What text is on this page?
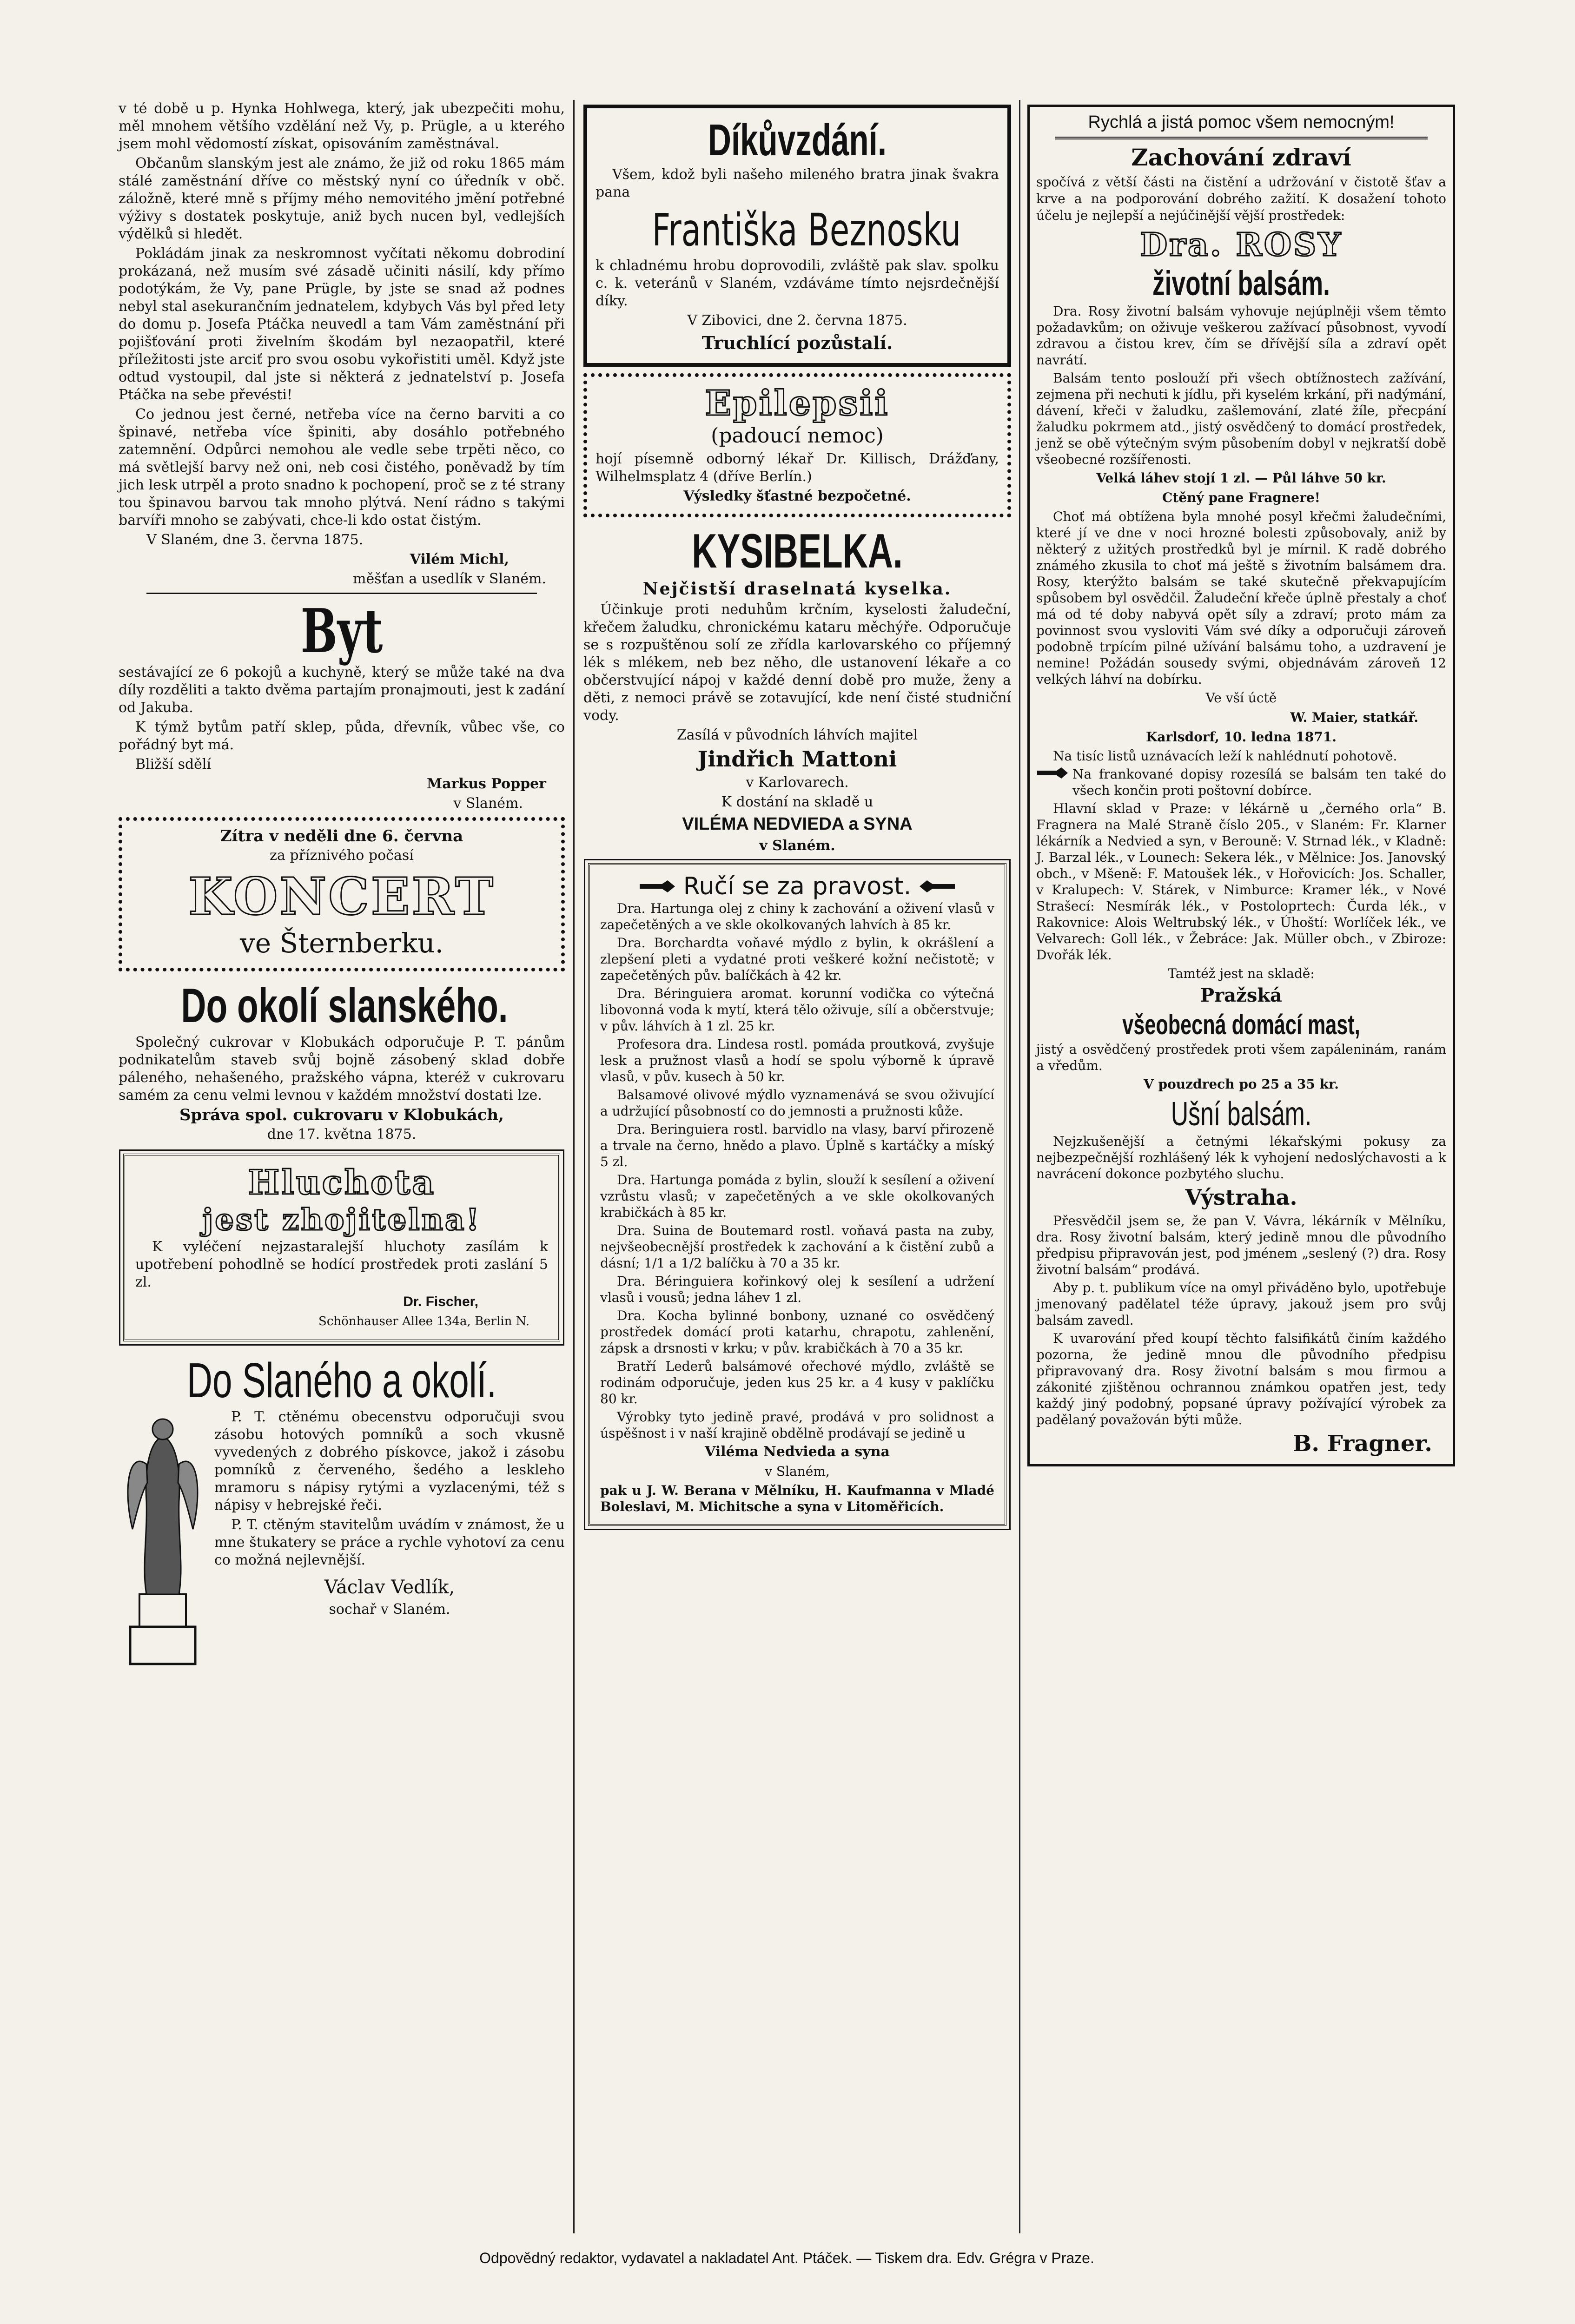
v té době u p. Hynka Hohlwega, který, jak ubezpečiti mohu, měl mnohem většího vzdělání než Vy, p. Prügle, a u kterého jsem mohl vědomostí získat, opisováním zaměstnával.

Občanům slanským jest ale známo, že již od roku 1865 mám stálé zaměstnání dříve co městský nyní co úředník v obč. záložně, které mně s příjmy mého nemovitého jmění potřebné výživy s dostatek poskytuje, aniž bych nucen byl, vedlejších výdělků si hledět.

Pokládám jinak za neskromnost vyčítati někomu dobrodiní prokázaná, než musím své zásadě učiniti násilí, kdy přímo podotýkám, že Vy, pane Prügle, by jste se snad až podnes nebyl stal asekurančním jednatelem, kdybych Vás byl před lety do domu p. Josefa Ptáčka neuvedl a tam Vám zaměstnání při pojišťování proti živelním škodám byl nezaopatřil, které příležitosti jste arciť pro svou osobu vykořistiti uměl. Když jste odtud vystoupil, dal jste si některá z jednatelství p. Josefa Ptáčka na sebe převésti!

Co jednou jest černé, netřeba více na černo barviti a co špinavé, netřeba více špiniti, aby dosáhlo potřebného zatemnění. Odpůrci nemohou ale vedle sebe trpěti něco, co má světlejší barvy než oni, neb cosi čistého, poněvadž by tím jich lesk utrpěl a proto snadno k pochopení, proč se z té strany tou špinavou barvou tak mnoho plýtvá. Není rádno s takými barvíři mnoho se zabývati, chce-li kdo ostat čistým.

V Slaném, dne 3. června 1875.

Vilém Michl,

měšťan a usedlík v Slaném.

Byt

sestávající ze 6 pokojů a kuchyně, který se může také na dva díly rozděliti a takto dvěma partajím pronajmouti, jest k zadání od Jakuba.

K týmž bytům patří sklep, půda, dřevník, vůbec vše, co pořádný byt má.

Bližší sdělí

Markus Popper

v Slaném.

Zítra v neděli dne 6. června

za příznivého počasí

KONCERT

ve Šternberku.

Do okolí slanského.

Společný cukrovar v Klobukách odporučuje P. T. pánům podnikatelům staveb svůj bojně zásobený sklad dobře páleného, nehašeného, pražského vápna, kteréž v cukrovaru samém za cenu velmi levnou v každém množství dostati lze.

Správa spol. cukrovaru v Klobukách,

dne 17. května 1875.

Hluchota
jest zhojitelna!

K vyléčení nejzastaralejší hluchoty zasílám k upotřebení pohodlně se hodící prostředek proti zaslání 5 zl.

Dr. Fischer,

Schönhauser Allee 134a, Berlin N.

Do Slaného a okolí.

P. T. ctěnému obecenstvu odporučuji svou zásobu hotových pomníků a soch vkusně vyvedených z dobrého pískovce, jakož i zásobu pomníků z červeného, šedého a leskleho mramoru s nápisy rytými a vyzlacenými, též s nápisy v hebrejské řeči.

P. T. ctěným stavitelům uvádím v známost, že u mne štukatery se práce a rychle vyhotoví za cenu co možná nejlevnější.

Václav Vedlík,

sochař v Slaném.

Díkůvzdání.

Všem, kdož byli našeho mileného bratra jinak švakra pana

Františka Beznosku

k chladnému hrobu doprovodili, zvláště pak slav. spolku c. k. veteránů v Slaném, vzdáváme tímto nejsrdečnější díky.

V Zibovici, dne 2. června 1875.

Truchlící pozůstalí.

Epilepsii

(padoucí nemoc)

hojí písemně odborný lékař Dr. Killisch, Drážďany, Wilhelmsplatz 4 (dříve Berlín.)

Výsledky šťastné bezpočetné.

KYSIBELKA.

Nejčistší draselnatá kyselka.

Účinkuje proti neduhům krčním, kyselosti žaludeční, křečem žaludku, chronickému kataru měchýře. Odporučuje se s rozpuštěnou solí ze zřídla karlovarského co příjemný lék s mlékem, neb bez něho, dle ustanovení lékaře a co občerstvující nápoj v každé denní době pro muže, ženy a děti, z nemoci právě se zotavující, kde není čisté studniční vody.

Zasílá v původních láhvích majitel

Jindřich Mattoni

v Karlovarech.

K dostání na skladě u

VILÉMA NEDVIEDA a SYNA

v Slaném.

Ručí se za pravost.

Dra. Hartunga olej z chiny k zachování a oživení vlasů v zapečetěných a ve skle okolkovaných lahvích à 85 kr.

Dra. Borchardta voňavé mýdlo z bylin, k okrášlení a zlepšení pleti a vydatné proti veškeré kožní nečistotě; v zapečetěných pův. balíčkách à 42 kr.

Dra. Béringuiera aromat. korunní vodička co výtečná libovonná voda k mytí, která tělo oživuje, sílí a občerstvuje; v pův. láhvích à 1 zl. 25 kr.

Profesora dra. Lindesa rostl. pomáda proutková, zvyšuje lesk a pružnost vlasů a hodí se spolu výborně k úpravě vlasů, v pův. kusech à 50 kr.

Balsamové olivové mýdlo vyznamenává se svou oživující a udržující působností co do jemnosti a pružnosti kůže.

Dra. Beringuiera rostl. barvidlo na vlasy, barví přirozeně a trvale na černo, hnědo a plavo. Úplně s kartáčky a míský 5 zl.

Dra. Hartunga pomáda z bylin, slouží k sesílení a oživení vzrůstu vlasů; v zapečetěných a ve skle okolkovaných krabičkách à 85 kr.

Dra. Suina de Boutemard rostl. voňavá pasta na zuby, nejvšeobecnější prostředek k zachování a k čistění zubů a dásní; 1/1 a 1/2 balíčku à 70 a 35 kr.

Dra. Béringuiera kořinkový olej k sesílení a udržení vlasů i vousů; jedna láhev 1 zl.

Dra. Kocha bylinné bonbony, uznané co osvědčený prostředek domácí proti katarhu, chrapotu, zahlenění, zápsk a drsnosti v krku; v pův. krabičkách à 70 a 35 kr.

Bratří Lederů balsámové ořechové mýdlo, zvláště se rodinám odporučuje, jeden kus 25 kr. a 4 kusy v paklíčku 80 kr.

Výrobky tyto jedině pravé, prodává v pro solidnost a úspěšnost i v naší krajině obdělně prodávají se jedině u

Viléma Nedvieda a syna

v Slaném,

pak u J. W. Berana v Mělníku, H. Kaufmanna v Mladé Boleslavi, M. Michitsche a syna v Litoměřicích.

Rychlá a jistá pomoc všem nemocným!

Zachování zdraví

spočívá z větší části na čistění a udržování v čistotě šťav a krve a na podporování dobrého zažití. K dosažení tohoto účelu je nejlepší a nejúčinější vější prostředek:

Dra. ROSY
životní balsám.

Dra. Rosy životní balsám vyhovuje nejúplněji všem těmto požadavkům; on oživuje veškerou zažívací působnost, vyvodí zdravou a čistou krev, čím se dřívější síla a zdraví opět navrátí.

Balsám tento poslouží při všech obtížnostech zažívání, zejmena při nechuti k jídlu, při kyselém krkání, při nadýmání, dávení, křeči v žaludku, zašlemování, zlaté žíle, přecpání žaludku pokrmem atd., jistý osvědčený to domácí prostředek, jenž se obě výtečným svým působením dobyl v nejkratší době všeobecné rozšířenosti.

Velká láhev stojí 1 zl. — Půl láhve 50 kr.

Ctěný pane Fragnere!

Choť má obtížena byla mnohé posyl křečmi žaludečními, které jí ve dne v noci hrozné bolesti způsobovaly, aniž by některý z užitých prostředků byl je mírnil. K radě dobrého známého zkusila to choť má ještě s životním balsámem dra. Rosy, kterýžto balsám se také skutečně překvapujícím spůsobem byl osvědčil. Žaludeční křeče úplně přestaly a choť má od té doby nabyvá opět síly a zdraví; proto mám za povinnost svou vysloviti Vám své díky a odporučuji zároveň podobně trpícím pilné užívání balsámu toho, a uzdravení je nemine! Požádán sousedy svými, objednávám zároveň 12 velkých láhví na dobírku.

Ve vší úctě

W. Maier, statkář.

Karlsdorf, 10. ledna 1871.

Na tisíc listů uznávacích leží k nahlédnutí pohotově.

Na frankované dopisy rozesílá se balsám ten také do všech končin proti poštovní dobírce.

Hlavní sklad v Praze: v lékárně u „černého orla“ B. Fragnera na Malé Straně číslo 205., v Slaném: Fr. Klarner lékárník a Nedvied a syn, v Berouně: V. Strnad lék., v Kladně: J. Barzal lék., v Lounech: Sekera lék., v Mělnice: Jos. Janovský obch., v Mšeně: F. Matoušek lék., v Hořovicích: Jos. Schaller, v Kralupech: V. Stárek, v Nimburce: Kramer lék., v Nové Strašecí: Nesmírák lék., v Postoloprtech: Čurda lék., v Rakovnice: Alois Weltrubský lék., v Úhoští: Worlíček lék., ve Velvarech: Goll lék., v Žebráce: Jak. Müller obch., v Zbiroze: Dvořák lék.

Tamtéž jest na skladě:

Pražská

všeobecná domácí mast,

jistý a osvědčený prostředek proti všem zapáleninám, ranám a vředům.

V pouzdrech po 25 a 35 kr.

Ušní balsám.

Nejzkušenější a četnými lékařskými pokusy za nejbezpečnější rozhlášený lék k vyhojení nedoslýchavosti a k navrácení dokonce pozbytého sluchu.

Výstraha.

Přesvědčil jsem se, že pan V. Vávra, lékárník v Mělníku, dra. Rosy životní balsám, který jedině mnou dle původního předpisu připravován jest, pod jménem „seslený (?) dra. Rosy životní balsám“ prodává.

Aby p. t. publikum více na omyl přiváděno bylo, upotřebuje jmenovaný padělatel téže úpravy, jakouž jsem pro svůj balsám zavedl.

K uvarování před koupí těchto falsifikátů činím každého pozorna, že jedině mnou dle původního předpisu připravovaný dra. Rosy životní balsám s mou firmou a zákonité zjištěnou ochrannou známkou opatřen jest, tedy každý jiný podobný, popsané úpravy požívající výrobek za padělaný považován býti může.

B. Fragner.

Odpovědný redaktor, vydavatel a nakladatel Ant. Ptáček. — Tiskem dra. Edv. Grégra v Praze.
